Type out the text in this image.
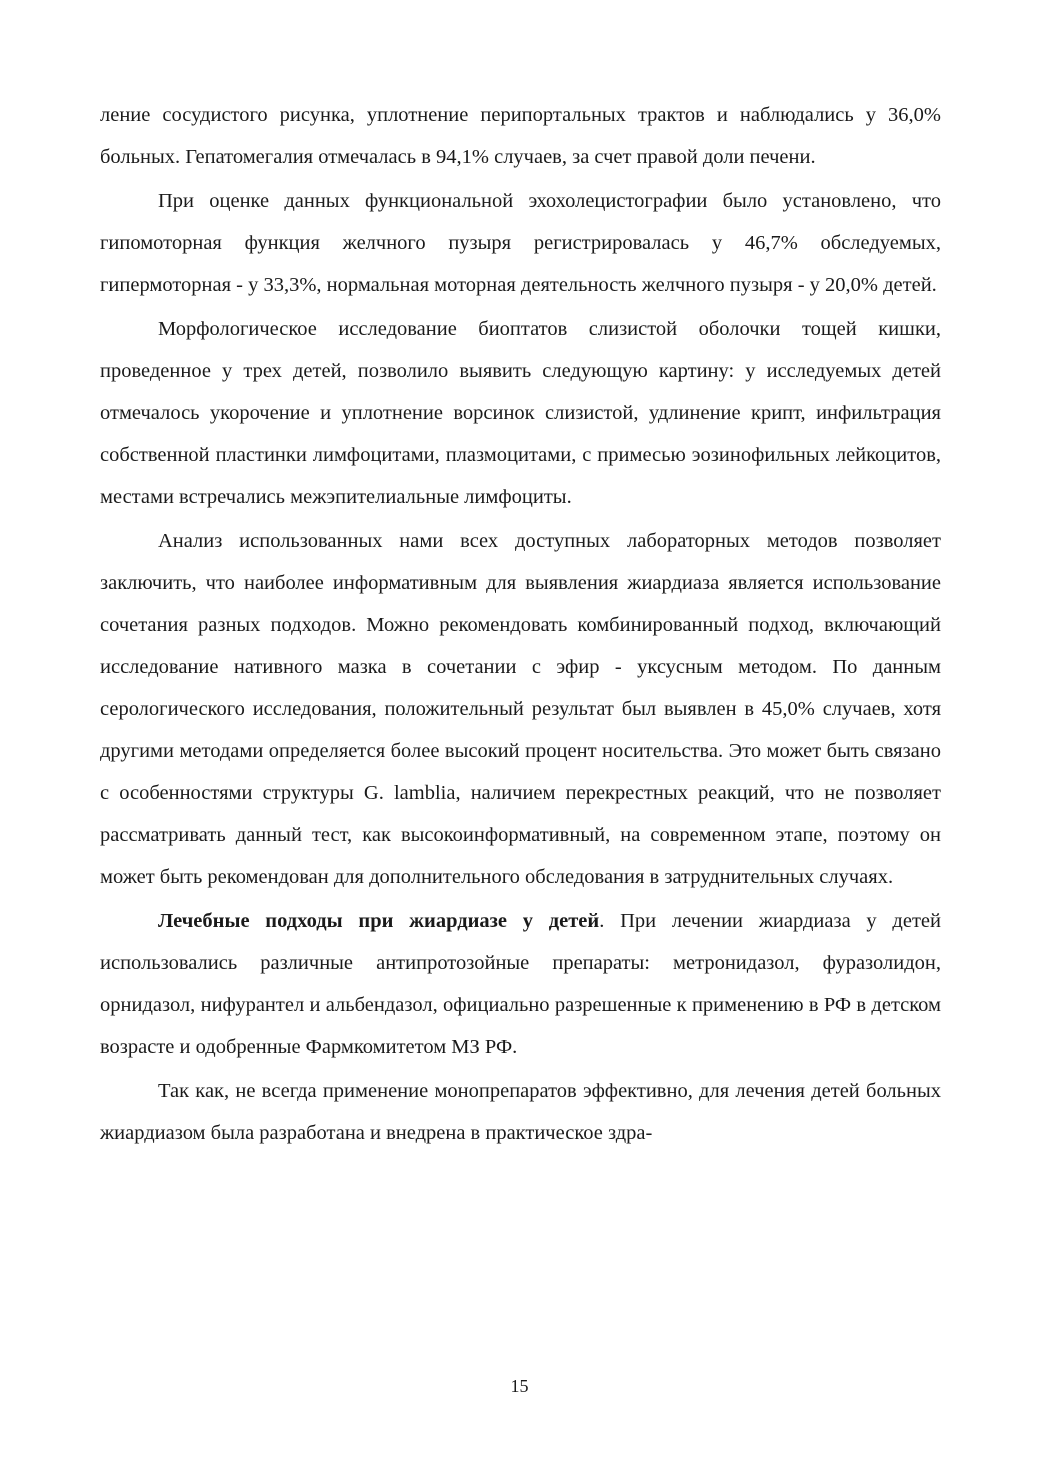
ление сосудистого рисунка, уплотнение перипортальных трактов и наблюдались у 36,0% больных. Гепатомегалия отмечалась в 94,1% случаев, за счет правой доли печени.

При оценке данных функциональной эхохолецистографии было установлено, что гипомоторная функция желчного пузыря регистрировалась у 46,7% обследуемых, гипермоторная - у 33,3%, нормальная моторная деятельность желчного пузыря - у 20,0% детей.

Морфологическое исследование биоптатов слизистой оболочки тощей кишки, проведенное у трех детей, позволило выявить следующую картину: у исследуемых детей отмечалось укорочение и уплотнение ворсинок слизистой, удлинение крипт, инфильтрация собственной пластинки лимфоцитами, плазмоцитами, с примесью эозинофильных лейкоцитов, местами встречались межэпителиальные лимфоциты.

Анализ использованных нами всех доступных лабораторных методов позволяет заключить, что наиболее информативным для выявления жиардиаза является использование сочетания разных подходов. Можно рекомендовать комбинированный подход, включающий исследование нативного мазка в сочетании с эфир - уксусным методом. По данным серологического исследования, положительный результат был выявлен в 45,0% случаев, хотя другими методами определяется более высокий процент носительства. Это может быть связано с особенностями структуры G. lamblia, наличием перекрестных реакций, что не позволяет рассматривать данный тест, как высокоинформативный, на современном этапе, поэтому он может быть рекомендован для дополнительного обследования в затруднительных случаях.

Лечебные подходы при жиардиазе у детей. При лечении жиардиаза у детей использовались различные антипротозойные препараты: метронидазол, фуразолидон, орнидазол, нифурантел и альбендазол, официально разрешенные к применению в РФ в детском возрасте и одобренные Фармкомитетом МЗ РФ.

Так как, не всегда применение монопрепаратов эффективно, для лечения детей больных жиардиазом была разработана и внедрена в практическое здра-

15
